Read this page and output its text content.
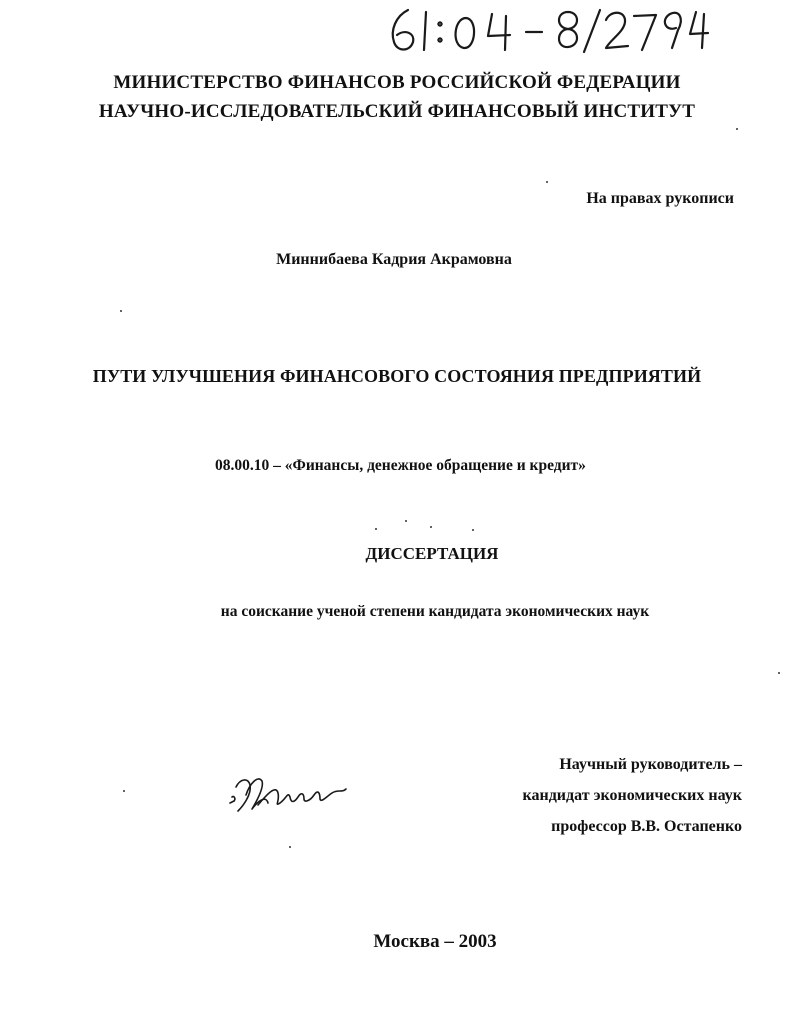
МИНИСТЕРСТВО ФИНАНСОВ РОССИЙСКОЙ ФЕДЕРАЦИИ
НАУЧНО-ИССЛЕДОВАТЕЛЬСКИЙ ФИНАНСОВЫЙ ИНСТИТУТ
На правах рукописи
Миннибаева Кадрия Акрамовна
ПУТИ УЛУЧШЕНИЯ ФИНАНСОВОГО СОСТОЯНИЯ ПРЕДПРИЯТИЙ
08.00.10 – «Финансы, денежное обращение и кредит»
ДИССЕРТАЦИЯ
на соискание ученой степени кандидата экономических наук
Научный руководитель –
кандидат экономических наук
профессор В.В. Остапенко
Москва – 2003
